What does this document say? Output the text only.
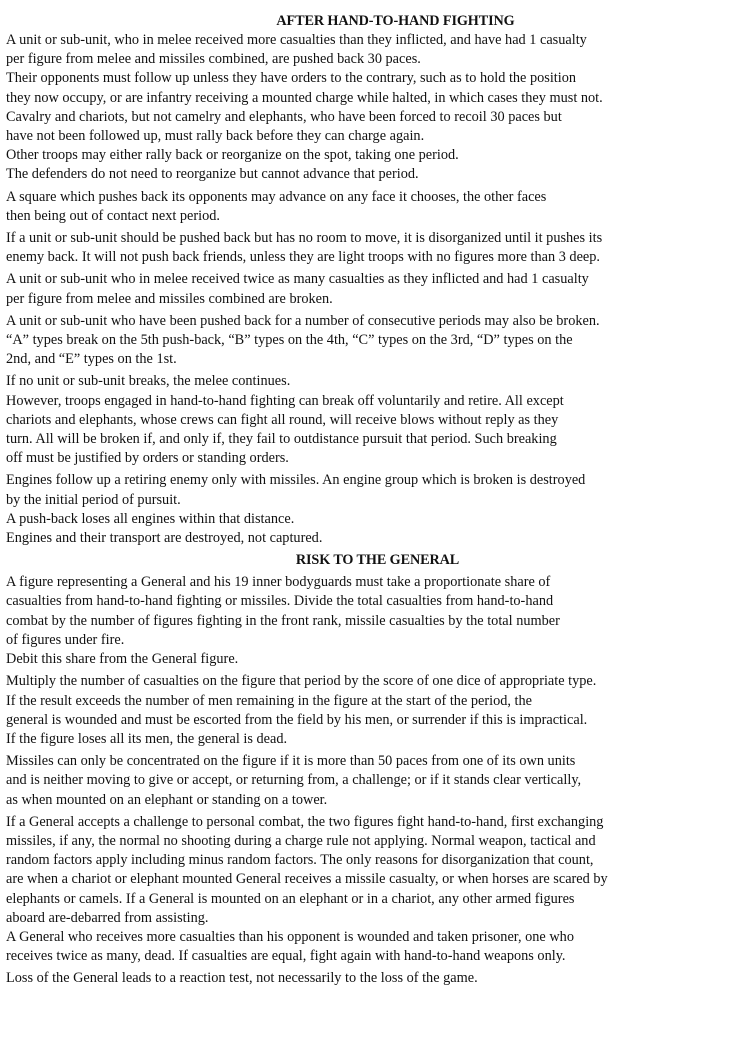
AFTER HAND-TO-HAND FIGHTING

A unit or sub-unit, who in melee received more casualties than they inflicted, and have had 1 casualty
per figure from melee and missiles combined, are pushed back 30 paces.

Their opponents must follow up unless they have orders to the contrary, such as to hold the position
they now occupy, or are infantry receiving a mounted charge while halted, in which cases they must not.

Cavalry and chariots, but not camelry and elephants, who have been forced to recoil 30 paces but
have not been followed up, must rally back before they can charge again.

Other troops may either rally back or reorganize on the spot, taking one period.

The defenders do not need to reorganize but cannot advance that period.

A square which pushes back its opponents may advance on any face it chooses, the other faces
then being out of contact next period.

If a unit or sub-unit should be pushed back but has no room to move, it is disorganized until it pushes its
enemy back. It will not push back friends, unless they are light troops with no figures more than 3 deep.

A unit or sub-unit who in melee received twice as many casualties as they inflicted and had 1 casualty
per figure from melee and missiles combined are broken.

A unit or sub-unit who have been pushed back for a number of consecutive periods may also be broken.
“A” types break on the 5th push-back, “B” types on the 4th, “C” types on the 3rd, “D” types on the
2nd, and “E” types on the 1st.

If no unit or sub-unit breaks, the melee continues.

However, troops engaged in hand-to-hand fighting can break off voluntarily and retire. All except
chariots and elephants, whose crews can fight all round, will receive blows without reply as they
turn. All will be broken if, and only if, they fail to outdistance pursuit that period. Such breaking
off must be justified by orders or standing orders.

Engines follow up a retiring enemy only with missiles. An engine group which is broken is destroyed
by the initial period of pursuit.

A push-back loses all engines within that distance.

Engines and their transport are destroyed, not captured.

RISK TO THE GENERAL

A figure representing a General and his 19 inner bodyguards must take a proportionate share of
casualties from hand-to-hand fighting or missiles. Divide the total casualties from hand-to-hand
combat by the number of figures fighting in the front rank, missile casualties by the total number
of figures under fire.

Debit this share from the General figure.

Multiply the number of casualties on the figure that period by the score of one dice of appropriate type.
If the result exceeds the number of men remaining in the figure at the start of the period, the
general is wounded and must be escorted from the field by his men, or surrender if this is impractical.
If the figure loses all its men, the general is dead.

Missiles can only be concentrated on the figure if it is more than 50 paces from one of its own units
and is neither moving to give or accept, or returning from, a challenge; or if it stands clear vertically,
as when mounted on an elephant or standing on a tower.

If a General accepts a challenge to personal combat, the two figures fight hand-to-hand, first exchanging
missiles, if any, the normal no shooting during a charge rule not applying. Normal weapon, tactical and
random factors apply including minus random factors. The only reasons for disorganization that count,
are when a chariot or elephant mounted General receives a missile casualty, or when horses are scared by
elephants or camels. If a General is mounted on an elephant or in a chariot, any other armed figures
aboard are-debarred from assisting.

A General who receives more casualties than his opponent is wounded and taken prisoner, one who
receives twice as many, dead. If casualties are equal, fight again with hand-to-hand weapons only.

Loss of the General leads to a reaction test, not necessarily to the loss of the game.
